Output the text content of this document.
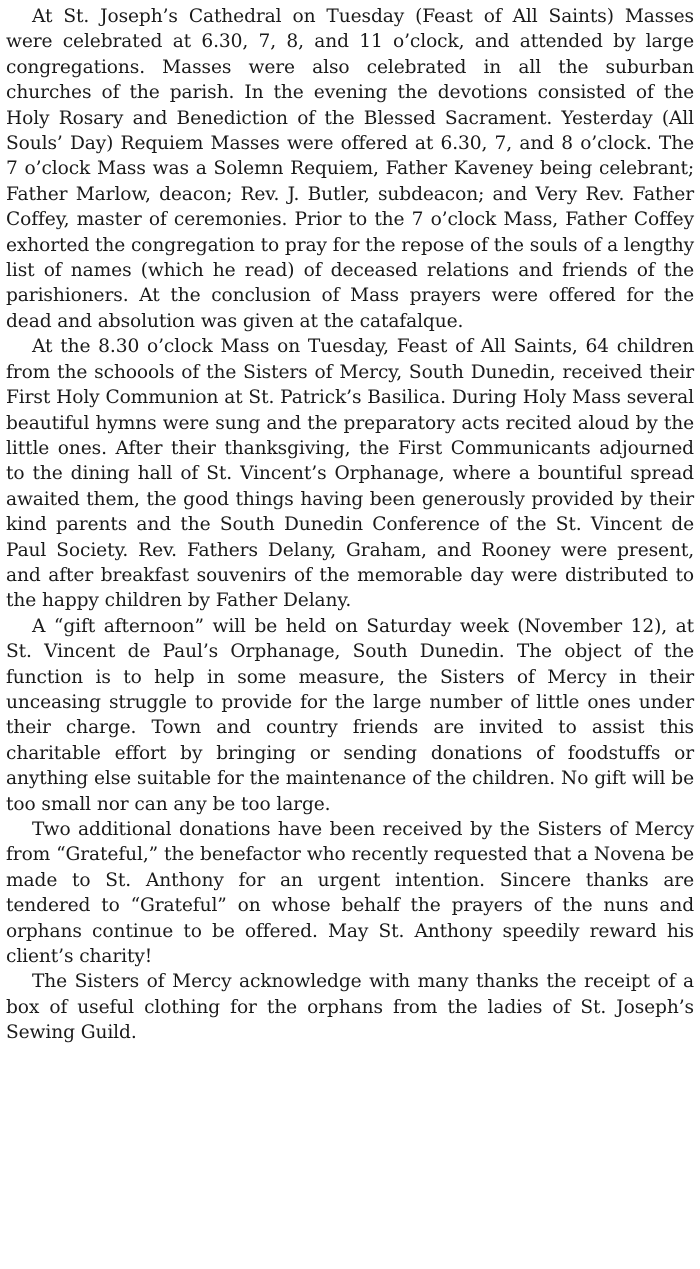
At St. Joseph’s Cathedral on Tuesday (Feast of All Saints) Masses were celebrated at 6.30, 7, 8, and 11 o’clock, and attended by large congregations. Masses were also celebrated in all the suburban churches of the parish. In the evening the devotions consisted of the Holy Rosary and Benediction of the Blessed Sacrament. Yesterday (All Souls’ Day) Requiem Masses were offered at 6.30, 7, and 8 o’clock. The 7 o’clock Mass was a Solemn Requiem, Father Kaveney being celebrant; Father Marlow, deacon; Rev. J. Butler, subdeacon; and Very Rev. Father Coffey, master of ceremonies. Prior to the 7 o’clock Mass, Father Coffey exhorted the congregation to pray for the repose of the souls of a lengthy list of names (which he read) of deceased relations and friends of the parishioners. At the conclusion of Mass prayers were offered for the dead and absolution was given at the catafalque.

At the 8.30 o’clock Mass on Tuesday, Feast of All Saints, 64 children from the schoools of the Sisters of Mercy, South Dunedin, received their First Holy Communion at St. Patrick’s Basilica. During Holy Mass several beautiful hymns were sung and the preparatory acts recited aloud by the little ones. After their thanksgiving, the First Communicants adjourned to the dining hall of St. Vincent’s Orphanage, where a bountiful spread awaited them, the good things having been generously provided by their kind parents and the South Dunedin Conference of the St. Vincent de Paul Society. Rev. Fathers Delany, Graham, and Rooney were present, and after breakfast souvenirs of the memorable day were distributed to the happy children by Father Delany.

A “gift afternoon” will be held on Saturday week (November 12), at St. Vincent de Paul’s Orphanage, South Dunedin. The object of the function is to help in some measure, the Sisters of Mercy in their unceasing struggle to provide for the large number of little ones under their charge. Town and country friends are invited to assist this charitable effort by bringing or sending donations of foodstuffs or anything else suitable for the maintenance of the children. No gift will be too small nor can any be too large.

Two additional donations have been received by the Sisters of Mercy from “Grateful,” the benefactor who recently requested that a Novena be made to St. Anthony for an urgent intention. Sincere thanks are tendered to “Grateful” on whose behalf the prayers of the nuns and orphans continue to be offered. May St. Anthony speedily reward his client’s charity!

The Sisters of Mercy acknowledge with many thanks the receipt of a box of useful clothing for the orphans from the ladies of St. Joseph’s Sewing Guild.
